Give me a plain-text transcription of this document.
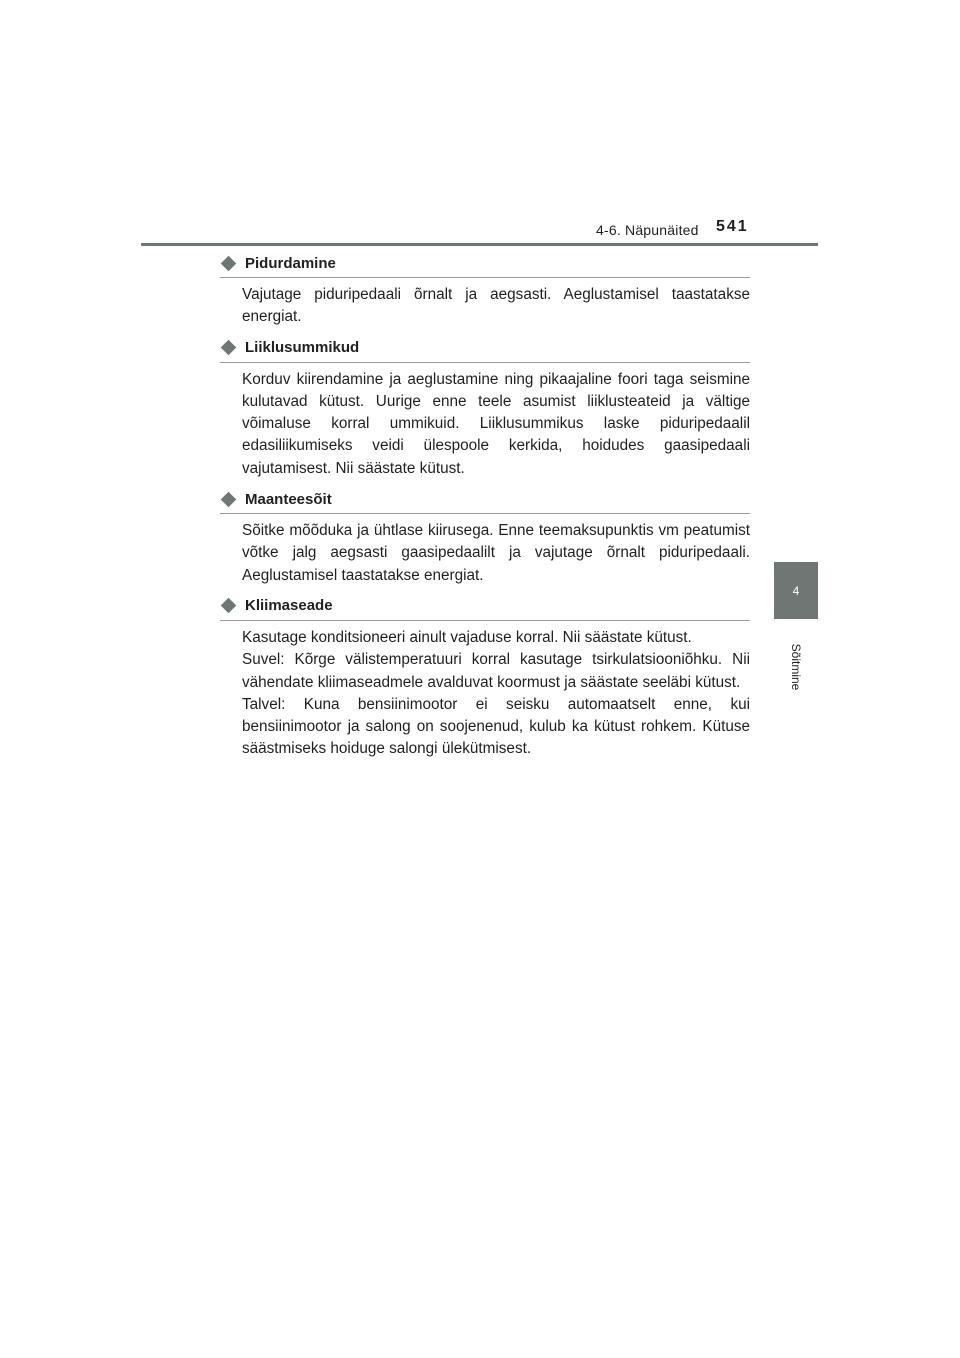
4-6. Näpunäited 541
4
Sõitmine
Pidurdamine

Vajutage piduripedaali õrnalt ja aegsasti. Aeglustamisel taastatakse energiat.

Liiklusummikud

Korduv kiirendamine ja aeglustamine ning pikaajaline foori taga seismine kulutavad kütust. Uurige enne teele asumist liiklusteateid ja vältige võimaluse korral ummikuid. Liiklusummikus laske piduripedaalil edasiliikumiseks veidi ülespoole kerkida, hoidudes gaasipedaali vajutamisest. Nii säästate kütust.

Maanteesõit

Sõitke mõõduka ja ühtlase kiirusega. Enne teemaksupunktis vm peatumist võtke jalg aegsasti gaasipedaalilt ja vajutage õrnalt piduripedaali. Aeglustamisel taastatakse energiat.

Kliimaseade

Kasutage konditsioneeri ainult vajaduse korral. Nii säästate kütust.

Suvel: Kõrge välistemperatuuri korral kasutage tsirkulatsiooniõhku. Nii vähendate kliimaseadmele avalduvat koormust ja säästate seeläbi kütust.

Talvel: Kuna bensiinimootor ei seisku automaatselt enne, kui bensiinimootor ja salong on soojenenud, kulub ka kütust rohkem. Kütuse säästmiseks hoiduge salongi ülekütmisest.
